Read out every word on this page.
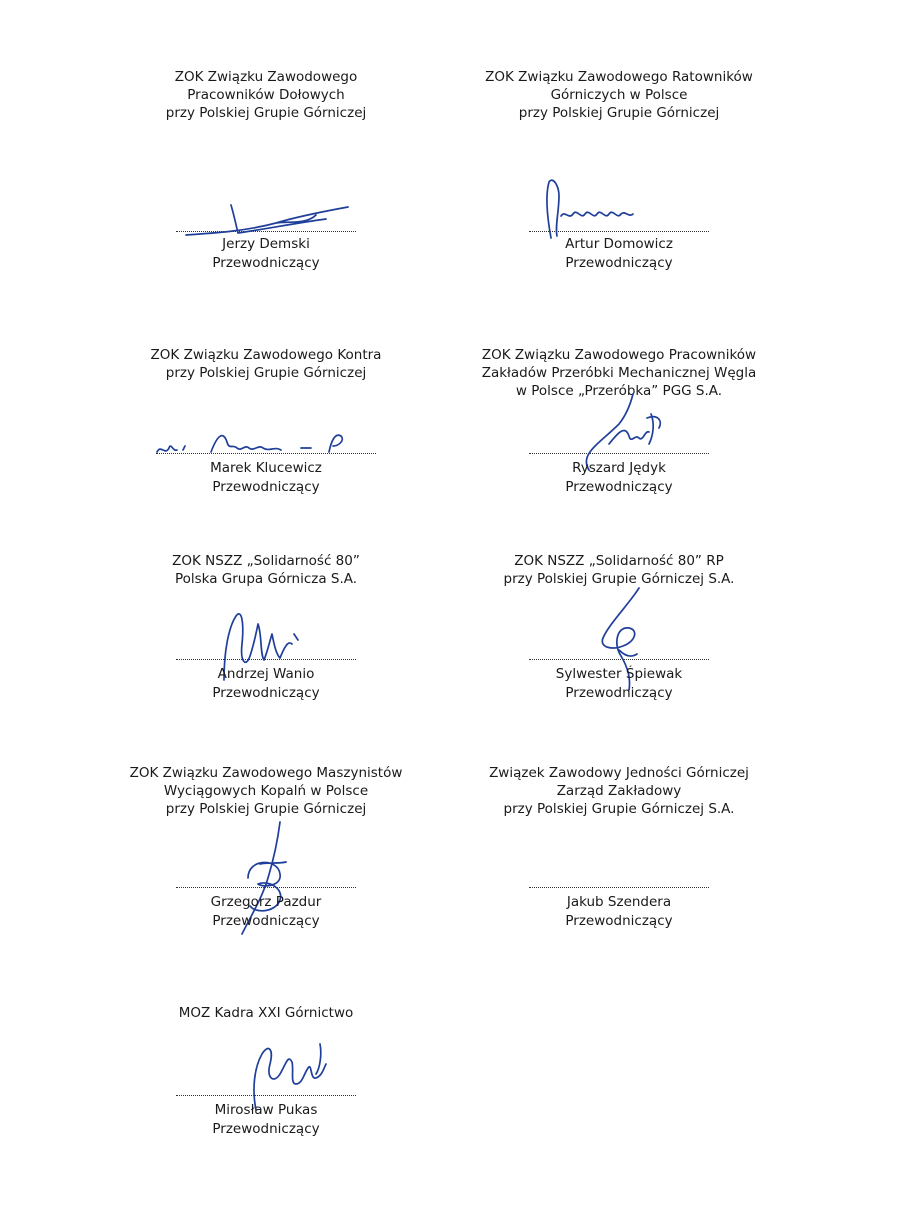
ZOK Związku Zawodowego
Pracowników Dołowych
przy Polskiej Grupie Górniczej
Jerzy Demski
Przewodniczący
ZOK Związku Zawodowego Ratowników
Górniczych w Polsce
przy Polskiej Grupie Górniczej
Artur Domowicz
Przewodniczący
ZOK Związku Zawodowego Kontra
przy Polskiej Grupie Górniczej
Marek Klucewicz
Przewodniczący
ZOK Związku Zawodowego Pracowników
Zakładów Przeróbki Mechanicznej Węgla
w Polsce „Przeróbka” PGG S.A.
Ryszard Jędyk
Przewodniczący
ZOK NSZZ „Solidarność 80”
Polska Grupa Górnicza S.A.
Andrzej Wanio
Przewodniczący
ZOK NSZZ „Solidarność 80” RP
przy Polskiej Grupie Górniczej S.A.
Sylwester Śpiewak
Przewodniczący
ZOK Związku Zawodowego Maszynistów
Wyciągowych Kopalń w Polsce
przy Polskiej Grupie Górniczej
Grzegorz Pazdur
Przewodniczący
Związek Zawodowy Jedności Górniczej
Zarząd Zakładowy
przy Polskiej Grupie Górniczej S.A.
Jakub Szendera
Przewodniczący
MOZ Kadra XXI Górnictwo
Mirosław Pukas
Przewodniczący
